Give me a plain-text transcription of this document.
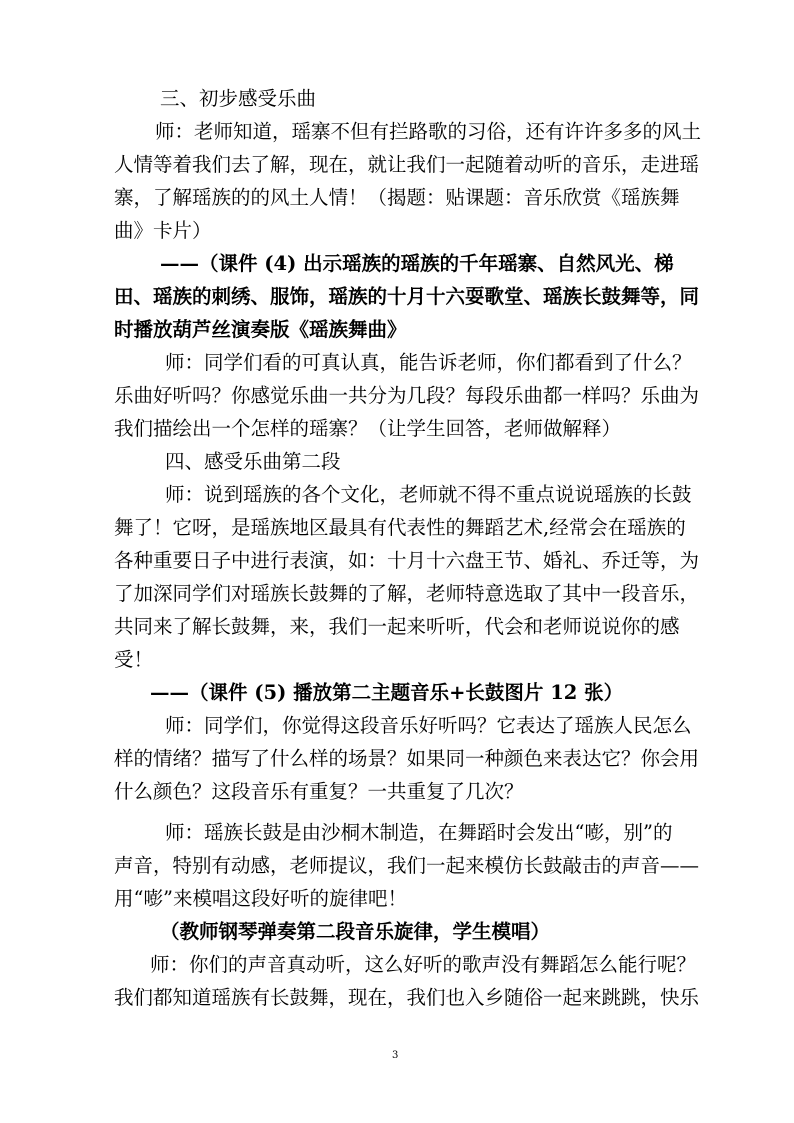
三、初步感受乐曲

师：老师知道，瑶寨不但有拦路歌的习俗，还有许许多多的风土

人情等着我们去了解，现在，就让我们一起随着动听的音乐，走进瑶

寨，了解瑶族的的风土人情！（揭题：贴课题：音乐欣赏《瑶族舞

曲》卡片）

——（课件 (4) 出示瑶族的瑶族的千年瑶寨、自然风光、梯

田、瑶族的刺绣、服饰，瑶族的十月十六耍歌堂、瑶族长鼓舞等，同

时播放葫芦丝演奏版《瑶族舞曲》

师：同学们看的可真认真，能告诉老师，你们都看到了什么？

乐曲好听吗？你感觉乐曲一共分为几段？每段乐曲都一样吗？乐曲为

我们描绘出一个怎样的瑶寨？（让学生回答，老师做解释）

四、感受乐曲第二段

师：说到瑶族的各个文化，老师就不得不重点说说瑶族的长鼓

舞了！它呀，是瑶族地区最具有代表性的舞蹈艺术,经常会在瑶族的

各种重要日子中进行表演，如：十月十六盘王节、婚礼、乔迁等，为

了加深同学们对瑶族长鼓舞的了解，老师特意选取了其中一段音乐，

共同来了解长鼓舞，来，我们一起来听听，代会和老师说说你的感

受！

——（课件 (5) 播放第二主题音乐+长鼓图片 12 张）

师：同学们，你觉得这段音乐好听吗？它表达了瑶族人民怎么

样的情绪？描写了什么样的场景？如果同一种颜色来表达它？你会用

什么颜色？这段音乐有重复？一共重复了几次？

师：瑶族长鼓是由沙桐木制造，在舞蹈时会发出“嘭，别”的

声音，特别有动感，老师提议，我们一起来模仿长鼓敲击的声音——

用“嘭”来模唱这段好听的旋律吧！

（教师钢琴弹奏第二段音乐旋律，学生模唱）

师：你们的声音真动听，这么好听的歌声没有舞蹈怎么能行呢？

我们都知道瑶族有长鼓舞，现在，我们也入乡随俗一起来跳跳，快乐

3
